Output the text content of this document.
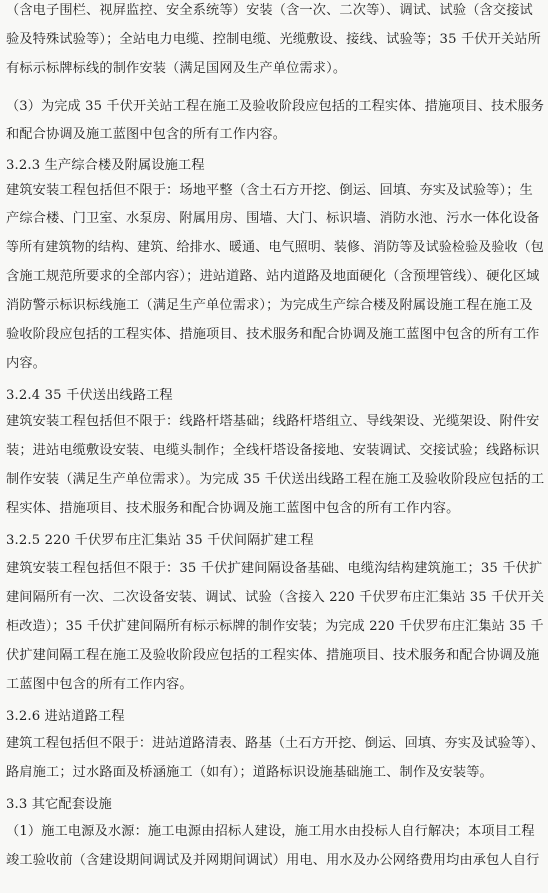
（含电子围栏、视屏监控、安全系统等）安装（含一次、二次等）、调试、试验（含交接试
验及特殊试验等）；全站电力电缆、控制电缆、光缆敷设、接线、试验等；35 千伏开关站所
有标示标牌标线的制作安装（满足国网及生产单位需求）。
（3）为完成 35 千伏开关站工程在施工及验收阶段应包括的工程实体、措施项目、技术服务
和配合协调及施工蓝图中包含的所有工作内容。
3.2.3 生产综合楼及附属设施工程
建筑安装工程包括但不限于：场地平整（含土石方开挖、倒运、回填、夯实及试验等）；生
产综合楼、门卫室、水泵房、附属用房、围墙、大门、标识墙、消防水池、污水一体化设备
等所有建筑物的结构、建筑、给排水、暖通、电气照明、装修、消防等及试验检验及验收（包
含施工规范所要求的全部内容）；进站道路、站内道路及地面硬化（含预埋管线）、硬化区域
消防警示标识标线施工（满足生产单位需求）；为完成生产综合楼及附属设施工程在施工及
验收阶段应包括的工程实体、措施项目、技术服务和配合协调及施工蓝图中包含的所有工作
内容。
3.2.4 35 千伏送出线路工程
建筑安装工程包括但不限于：线路杆塔基础；线路杆塔组立、导线架设、光缆架设、附件安
装；进站电缆敷设安装、电缆头制作；全线杆塔设备接地、安装调试、交接试验；线路标识
制作安装（满足生产单位需求）。为完成 35 千伏送出线路工程在施工及验收阶段应包括的工
程实体、措施项目、技术服务和配合协调及施工蓝图中包含的所有工作内容。
3.2.5 220 千伏罗布庄汇集站 35 千伏间隔扩建工程
建筑安装工程包括但不限于：35 千伏扩建间隔设备基础、电缆沟结构建筑施工；35 千伏扩
建间隔所有一次、二次设备安装、调试、试验（含接入 220 千伏罗布庄汇集站 35 千伏开关
柜改造）；35 千伏扩建间隔所有标示标牌的制作安装；为完成 220 千伏罗布庄汇集站 35 千
伏扩建间隔工程在施工及验收阶段应包括的工程实体、措施项目、技术服务和配合协调及施
工蓝图中包含的所有工作内容。
3.2.6 进站道路工程
建筑工程包括但不限于：进站道路清表、路基（土石方开挖、倒运、回填、夯实及试验等）、
路肩施工；过水路面及桥涵施工（如有）；道路标识设施基础施工、制作及安装等。
3.3 其它配套设施
（1）施工电源及水源：施工电源由招标人建设，施工用水由投标人自行解决；本项目工程
竣工验收前（含建设期间调试及并网期间调试）用电、用水及办公网络费用均由承包人自行
